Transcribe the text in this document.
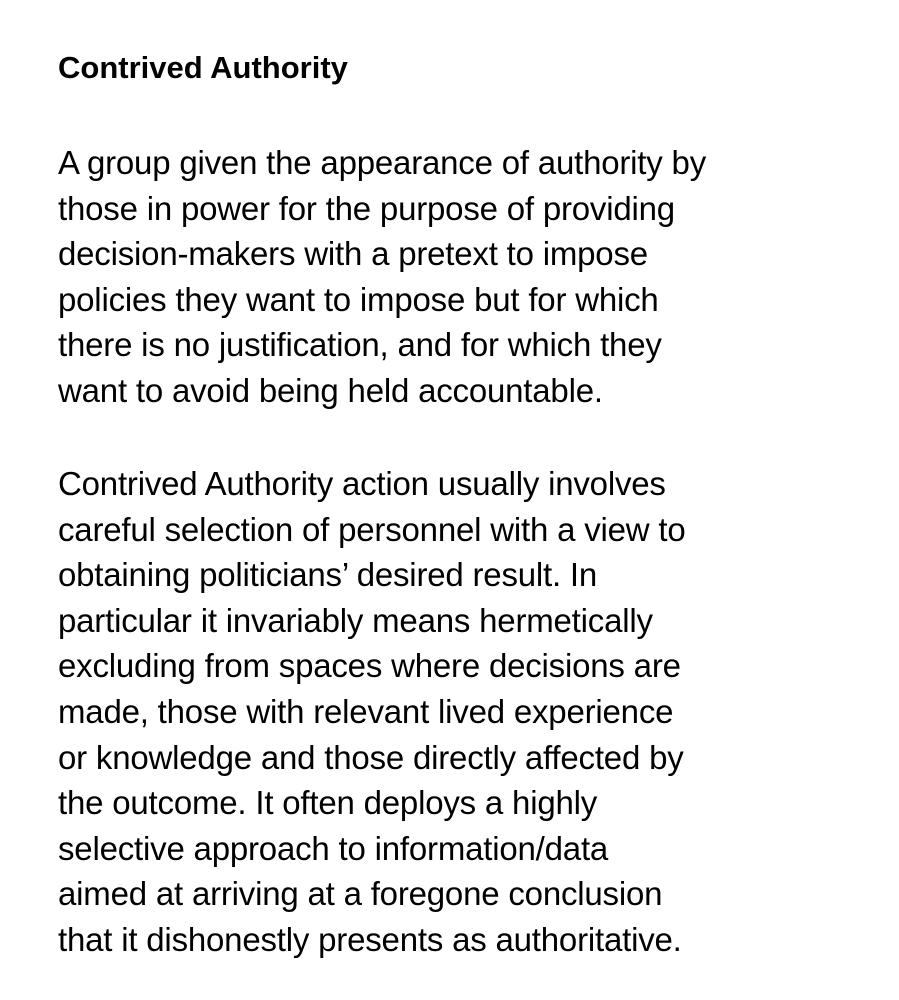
Contrived Authority

A group given the appearance of authority by
those in power for the purpose of providing
decision-makers with a pretext to impose
policies they want to impose but for which
there is no justification, and for which they
want to avoid being held accountable.

Contrived Authority action usually involves
careful selection of personnel with a view to
obtaining politicians’ desired result. In
particular it invariably means hermetically
excluding from spaces where decisions are
made, those with relevant lived experience
or knowledge and those directly affected by
the outcome. It often deploys a highly
selective approach to information/data
aimed at arriving at a foregone conclusion
that it dishonestly presents as authoritative.
